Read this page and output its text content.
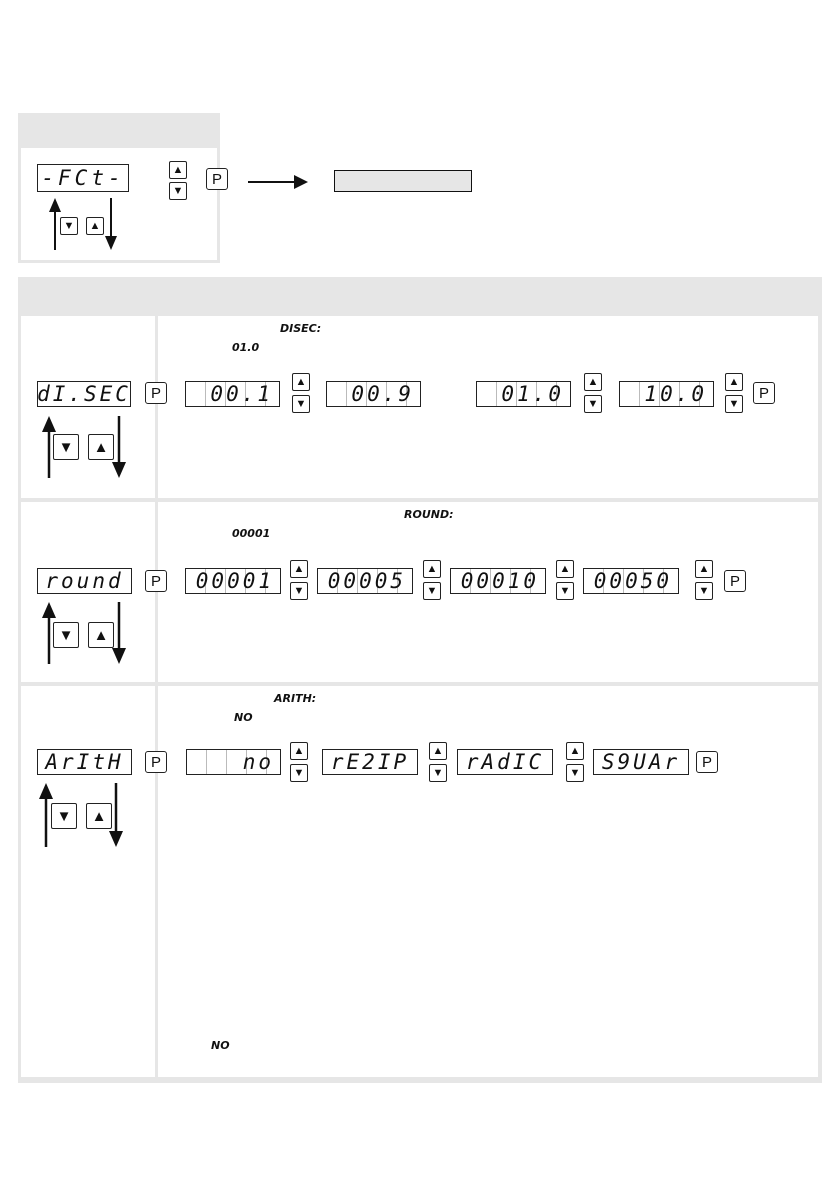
-FCt-	▲
▼
P
▼ ▲
DISEC:
01.0
dI.SEC P 00.1
▲
▼ 00.9	01.0
▲
▼ 10.0
▲
▼
P
▼ ▲
ROUND:
00001
round P 00001
▲
▼ 00005
▲
▼ 00010
▲
▼ 00050
▲
▼
P
▼ ▲
ARITH:
NO
ArItH P	no ▲
▼ rE2IP ▲
▼ rAdIC ▲
▼ S9UAr P
▼ ▲
NO
